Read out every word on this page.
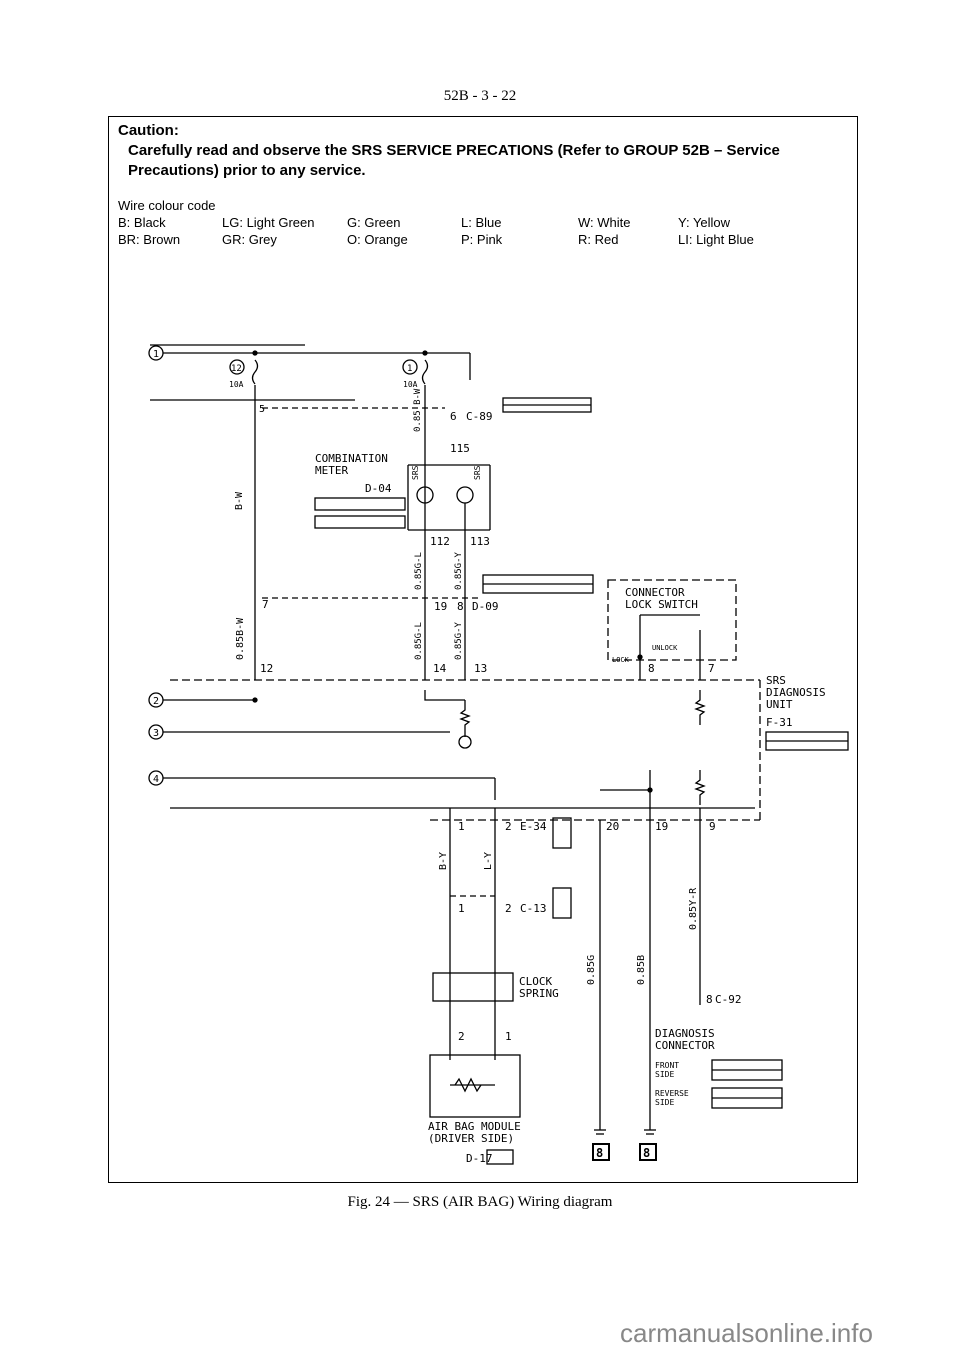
52B - 3 - 22
Caution:
Carefully read and observe the SRS SERVICE PRECATIONS (Refer to GROUP 52B – Service Precautions) prior to any service.
Wire colour code
B: Black	LG: Light Green	G: Green	L: Blue	W: White	Y: Yellow
BR: Brown	GR: Grey	O: Orange	P: Pink	R: Red	LI: Light Blue
1
2
3
4
12
10A
1
10A
5
B-W
0.85B-W
7
12
0.85 B-W 6 C-89
115
COMBINATION
METER
D-04
SRS	SRS
112 113
0.85G-L	0.85G-Y
19 8 D-09
0.85G-L	0.85G-Y
14	13
CONNECTOR
LOCK SWITCH
UNLOCK
LOCK
8	7
SRS
DIAGNOSIS
UNIT
F-31
1	2 E-34
B-Y	L-Y
1	2 C-13
CLOCK
SPRING
2	1
AIR BAG MODULE
(DRIVER SIDE)
D-17
20	19
0.85G	0.85B
8	8
9
0.85Y-R
8 C-92
DIAGNOSIS
CONNECTOR
FRONT
SIDE
REVERSE
SIDE
Fig. 24 — SRS (AIR BAG) Wiring diagram
carmanualsonline.info
